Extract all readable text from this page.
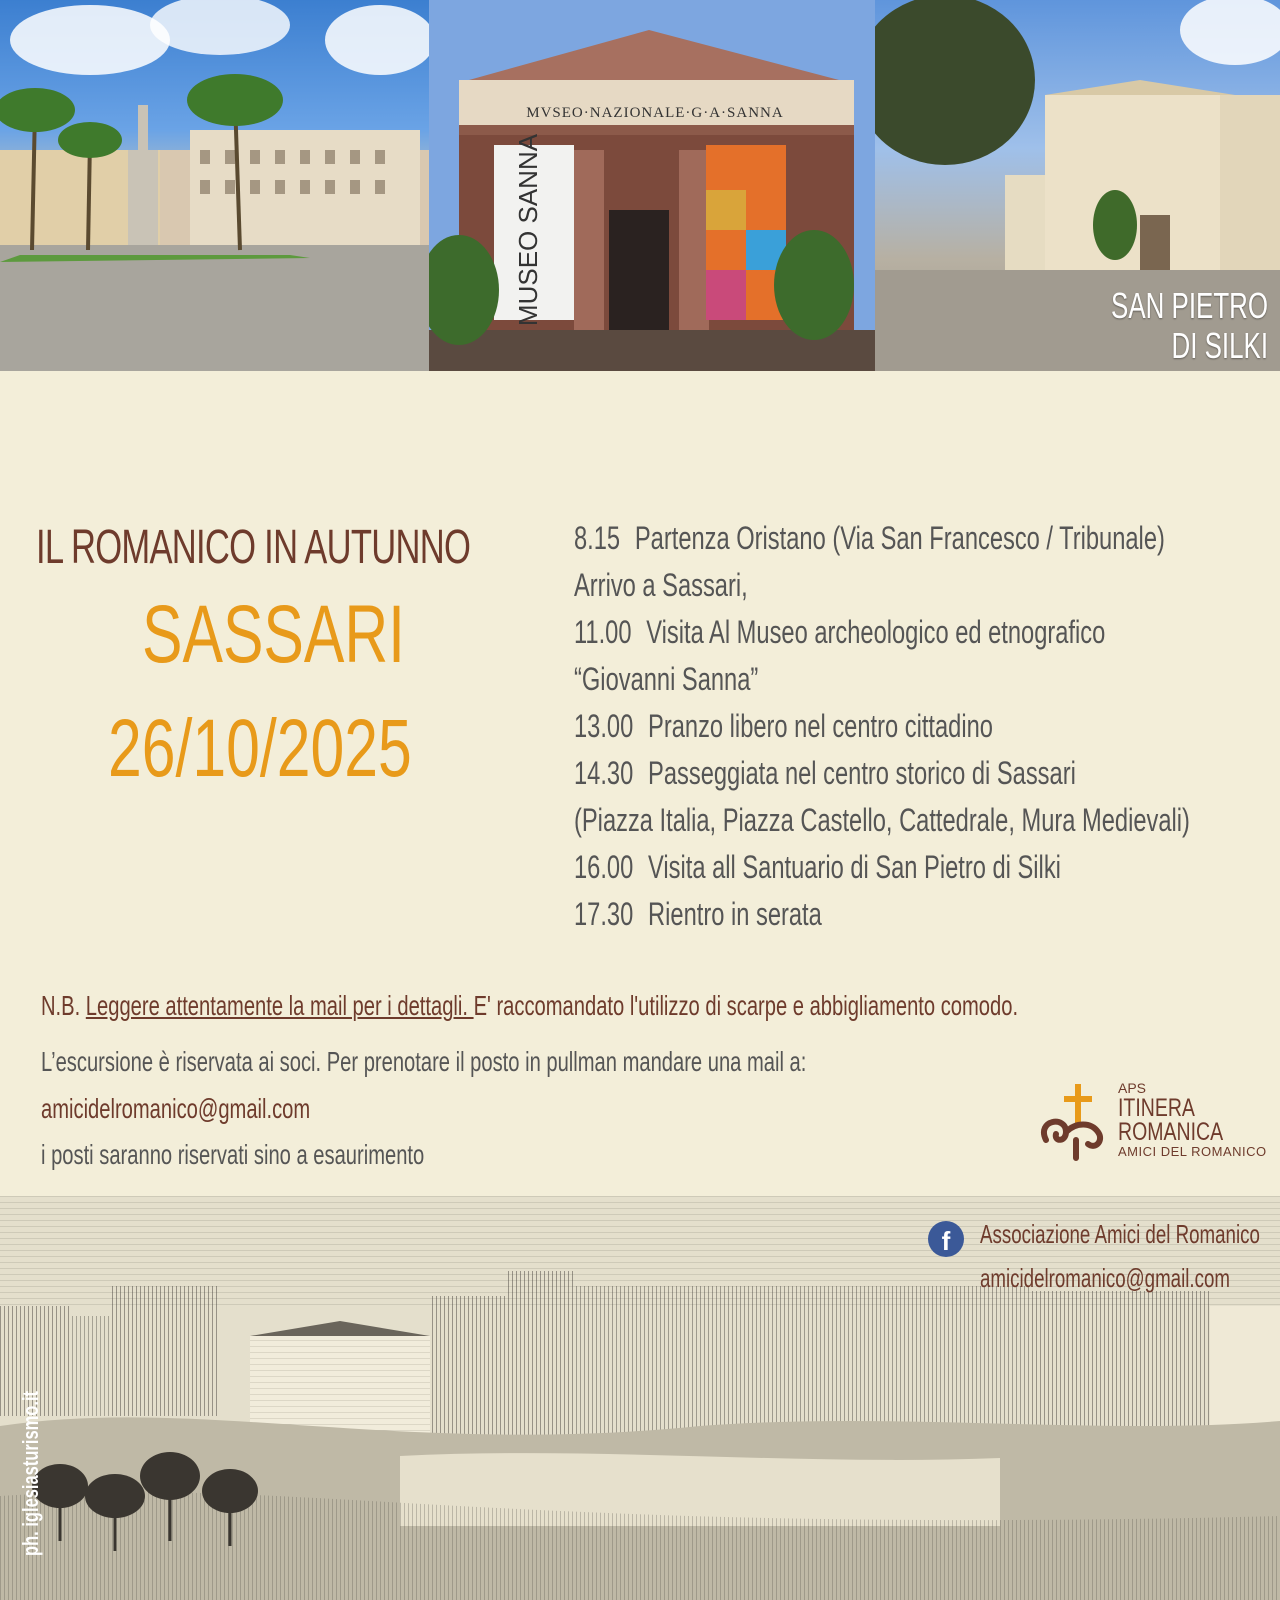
MVSEO·NAZIONALE·G·A·SANNA
MUSEO SANNA	SAN PIETRO
DI SILKI
IL ROMANICO IN AUTUNNO
SASSARI
26/10/2025
8.15 Partenza Oristano (Via San Francesco / Tribunale)
Arrivo a Sassari,
11.00 Visita Al Museo archeologico ed etnografico
“Giovanni Sanna”
13.00 Pranzo libero nel centro cittadino
14.30 Passeggiata nel centro storico di Sassari
(Piazza Italia, Piazza Castello, Cattedrale, Mura Medievali)
16.00 Visita all Santuario di San Pietro di Silki
17.30 Rientro in serata
N.B. Leggere attentamente la mail per i dettagli. E' raccomandato l'utilizzo di scarpe e abbigliamento comodo.
L’escursione è riservata ai soci. Per prenotare il posto in pullman mandare una mail a:
amicidelromanico@gmail.com
i posti saranno riservati sino a esaurimento
APS
ITINERA
ROMANICA
AMICI DEL ROMANICO
f	Associazione Amici del Romanico
amicidelromanico@gmail.com
ph. iglesiasturismo.it
